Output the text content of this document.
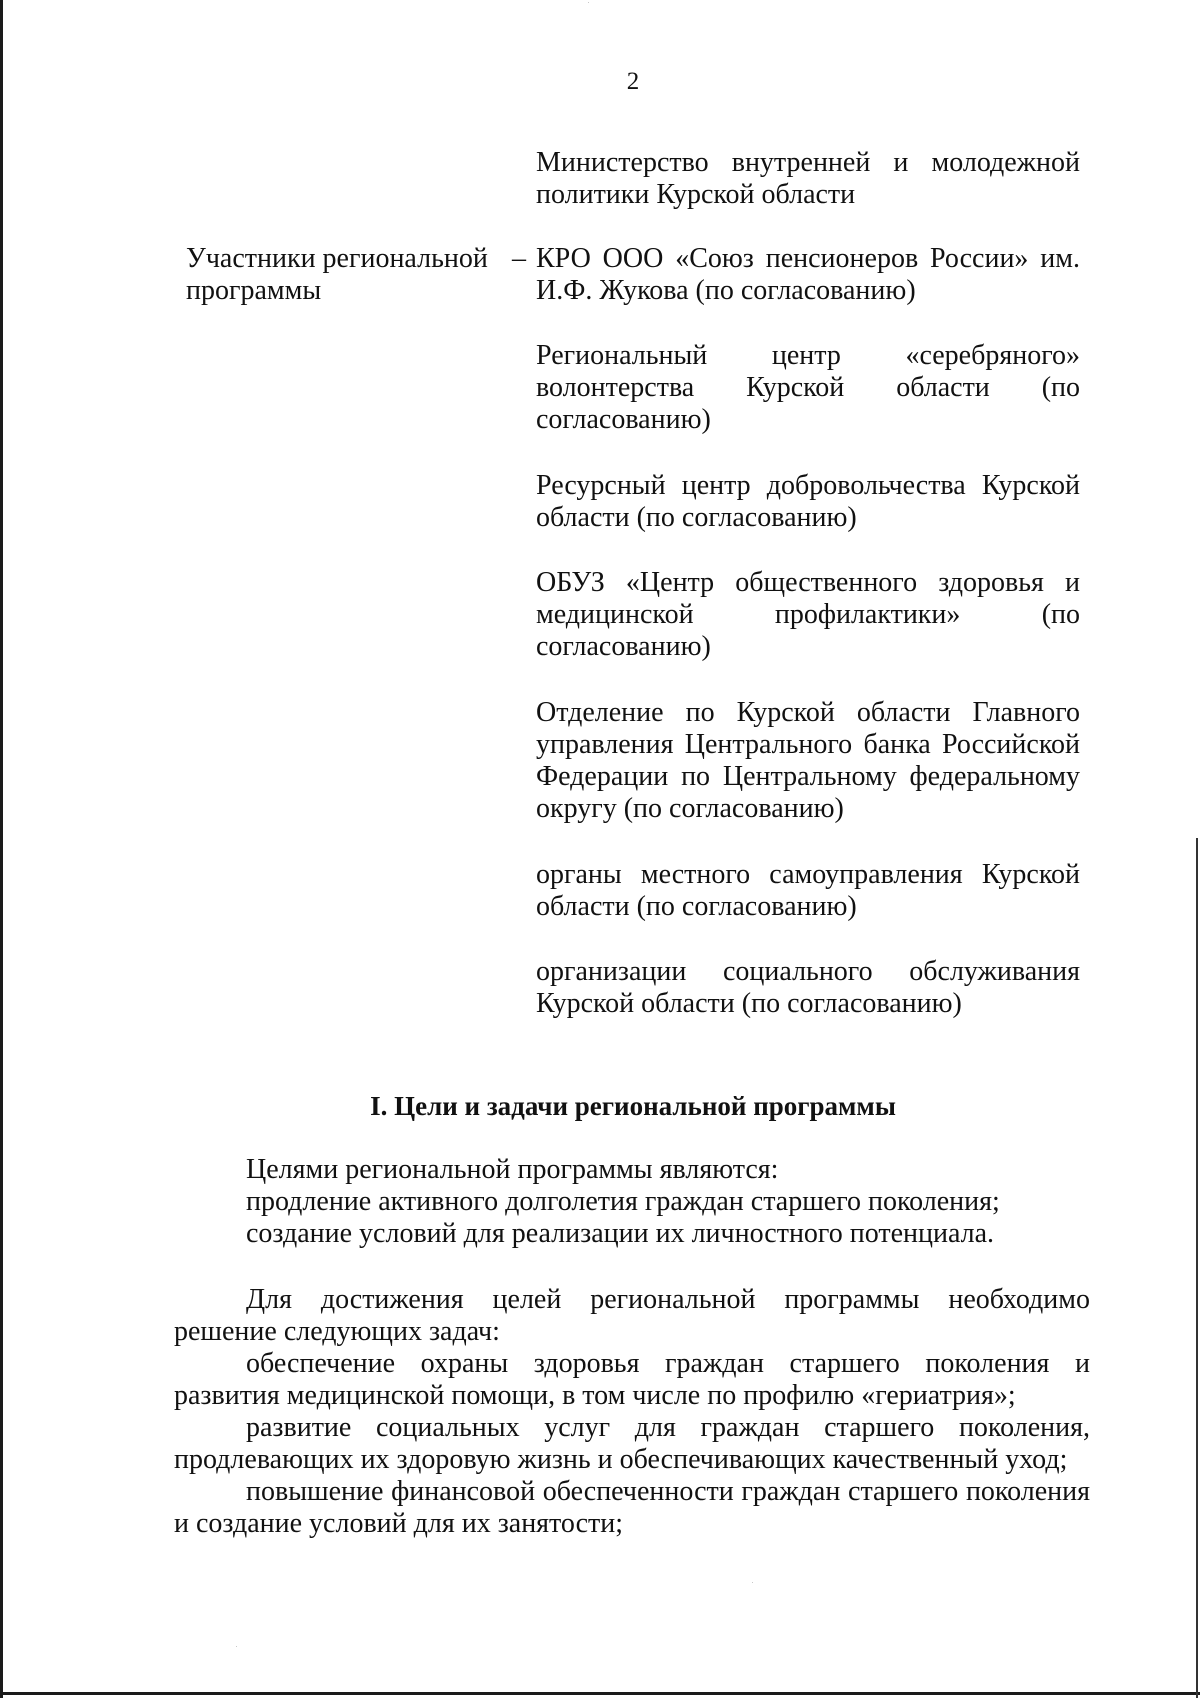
2
Министерство внутренней и молодежной политики Курской области
Участники региональной программы
– КРО ООО «Союз пенсионеров России» им. И.Ф. Жукова (по согласованию)
Региональный центр «серебряного» волонтерства Курской области (по согласованию)
Ресурсный центр добровольчества Курской области (по согласованию)
ОБУЗ «Центр общественного здоровья и медицинской профилактики» (по согласованию)
Отделение по Курской области Главного управления Центрального банка Российской Федерации по Центральному федеральному округу (по согласованию)
органы местного самоуправления Курской области (по согласованию)
организации социального обслуживания Курской области (по согласованию)
I. Цели и задачи региональной программы
Целями региональной программы являются:
продление активного долголетия граждан старшего поколения;
создание условий для реализации их личностного потенциала.
Для достижения целей региональной программы необходимо решение следующих задач:
обеспечение охраны здоровья граждан старшего поколения и развития медицинской помощи, в том числе по профилю «гериатрия»;
развитие социальных услуг для граждан старшего поколения, продлевающих их здоровую жизнь и обеспечивающих качественный уход;
повышение финансовой обеспеченности граждан старшего поколения и создание условий для их занятости;
